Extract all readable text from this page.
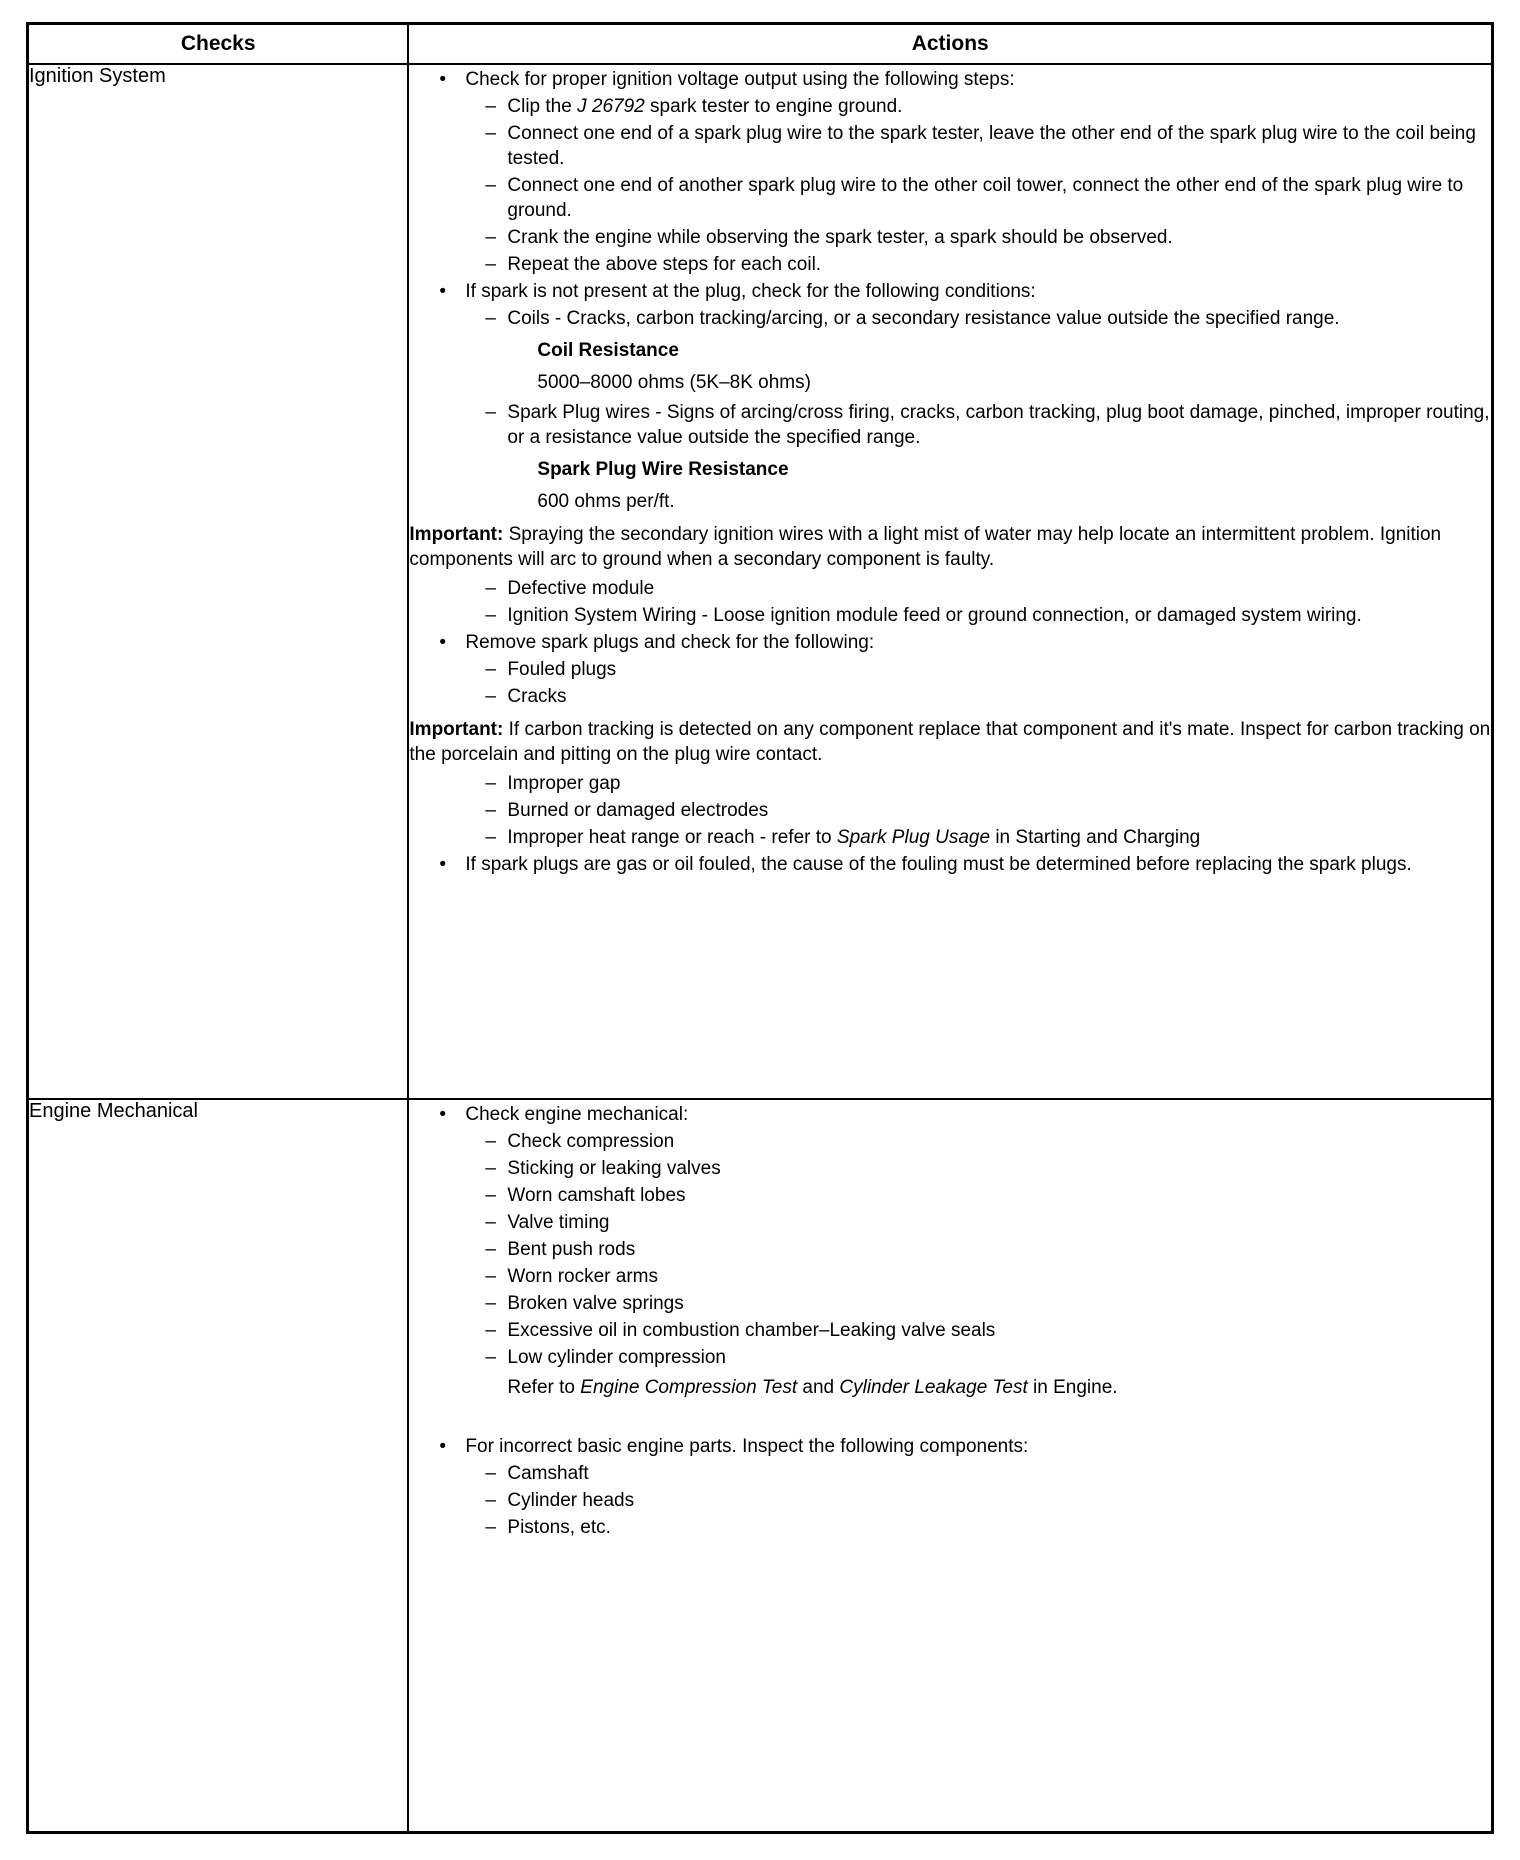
Checks	Actions

Ignition System	•	Check for proper ignition voltage output using the following steps:
– Clip the J 26792 spark tester to engine ground.
– Connect one end of a spark plug wire to the spark tester, leave the other end of the spark plug wire to the coil being tested.
– Connect one end of another spark plug wire to the other coil tower, connect the other end of the spark plug wire to ground.
– Crank the engine while observing the spark tester, a spark should be observed.
– Repeat the above steps for each coil.
•	If spark is not present at the plug, check for the following conditions:
– Coils - Cracks, carbon tracking/arcing, or a secondary resistance value outside the specified range.
Coil Resistance
5000–8000 ohms (5K–8K ohms)
– Spark Plug wires - Signs of arcing/cross firing, cracks, carbon tracking, plug boot damage, pinched, improper routing, or a resistance value outside the specified range.
Spark Plug Wire Resistance
600 ohms per/ft.
Important: Spraying the secondary ignition wires with a light mist of water may help locate an intermittent problem. Ignition components will arc to ground when a secondary component is faulty.
– Defective module
– Ignition System Wiring - Loose ignition module feed or ground connection, or damaged system wiring.
•	Remove spark plugs and check for the following:
– Fouled plugs
– Cracks
Important: If carbon tracking is detected on any component replace that component and it's mate. Inspect for carbon tracking on the porcelain and pitting on the plug wire contact.
– Improper gap
– Burned or damaged electrodes
– Improper heat range or reach - refer to Spark Plug Usage in Starting and Charging
•	If spark plugs are gas or oil fouled, the cause of the fouling must be determined before replacing the spark plugs.

Engine Mechanical	•	Check engine mechanical:
– Check compression
– Sticking or leaking valves
– Worn camshaft lobes
– Valve timing
– Bent push rods
– Worn rocker arms
– Broken valve springs
– Excessive oil in combustion chamber–Leaking valve seals
– Low cylinder compression
Refer to Engine Compression Test and Cylinder Leakage Test in Engine.
•	For incorrect basic engine parts. Inspect the following components:
– Camshaft
– Cylinder heads
– Pistons, etc.
